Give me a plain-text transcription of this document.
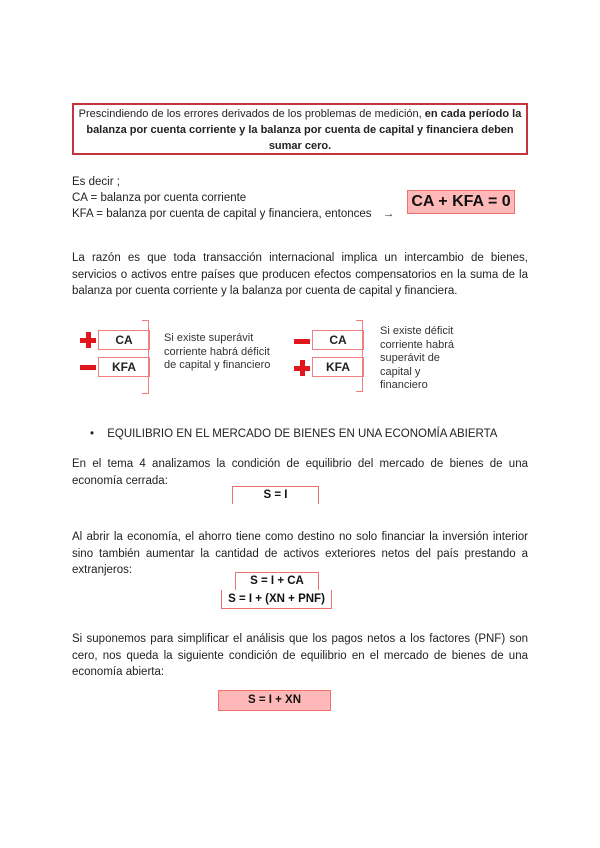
Prescindiendo de los errores derivados de los problemas de medición, en cada período la balanza por cuenta corriente y la balanza por cuenta de capital y financiera deben sumar cero.
Es decir ;
CA = balanza por cuenta corriente
KFA = balanza por cuenta de capital y financiera, entonces →
CA + KFA = 0
La razón es que toda transacción internacional implica un intercambio de bienes, servicios o activos entre países que producen efectos compensatorios en la suma de la balanza por cuenta corriente y la balanza por cuenta de capital y financiera.
CA
KFA
Si existe superávit corriente habrá déficit de capital y financiero
CA
KFA
Si existe déficit corriente habrá superávit de capital y financiero
• EQUILIBRIO EN EL MERCADO DE BIENES EN UNA ECONOMÍA ABIERTA
En el tema 4 analizamos la condición de equilibrio del mercado de bienes de una economía cerrada:
S = I
Al abrir la economía, el ahorro tiene como destino no solo financiar la inversión interior sino también aumentar la cantidad de activos exteriores netos del país prestando a extranjeros:
S = I + CA
S = I + (XN + PNF)
Si suponemos para simplificar el análisis que los pagos netos a los factores (PNF) son cero, nos queda la siguiente condición de equilibrio en el mercado de bienes de una economía abierta:
S = I + XN
